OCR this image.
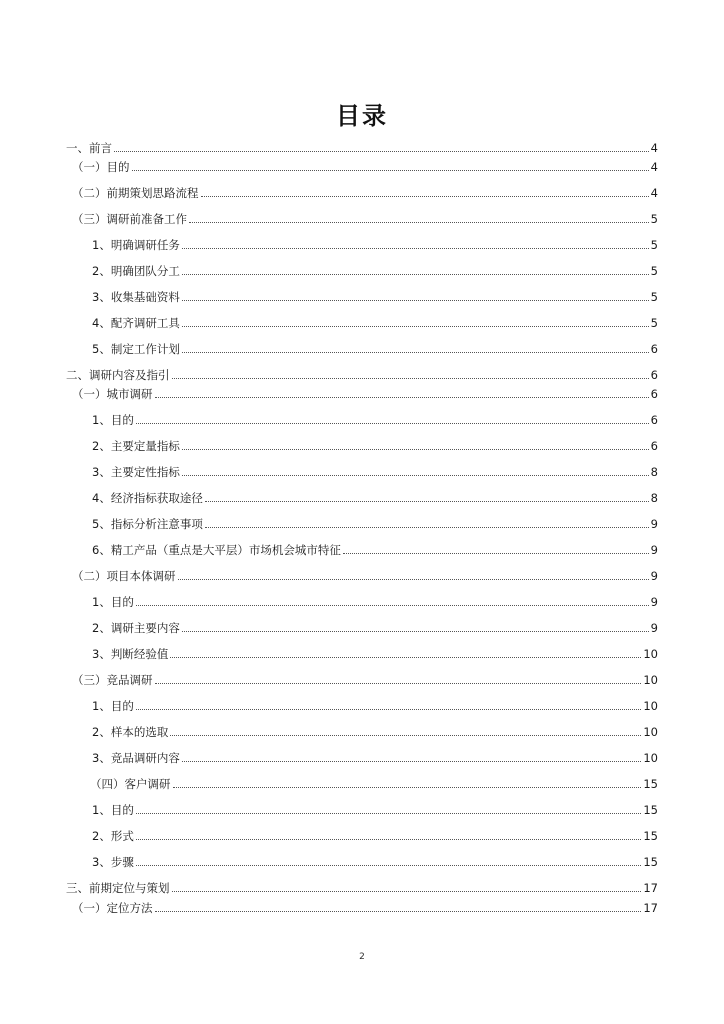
目录
一、前言	4
（一）目的	4
（二）前期策划思路流程	4
（三）调研前准备工作	5
1、明确调研任务	5
2、明确团队分工	5
3、收集基础资料	5
4、配齐调研工具	5
5、制定工作计划	6
二、调研内容及指引	6
（一）城市调研	6
1、目的	6
2、主要定量指标	6
3、主要定性指标	8
4、经济指标获取途径	8
5、指标分析注意事项	9
6、精工产品（重点是大平层）市场机会城市特征	9
（二）项目本体调研	9
1、目的	9
2、调研主要内容	9
3、判断经验值	10
（三）竞品调研	10
1、目的	10
2、样本的选取	10
3、竞品调研内容	10
（四）客户调研	15
1、目的	15
2、形式	15
3、步骤	15
三、前期定位与策划	17
（一）定位方法	17
2
